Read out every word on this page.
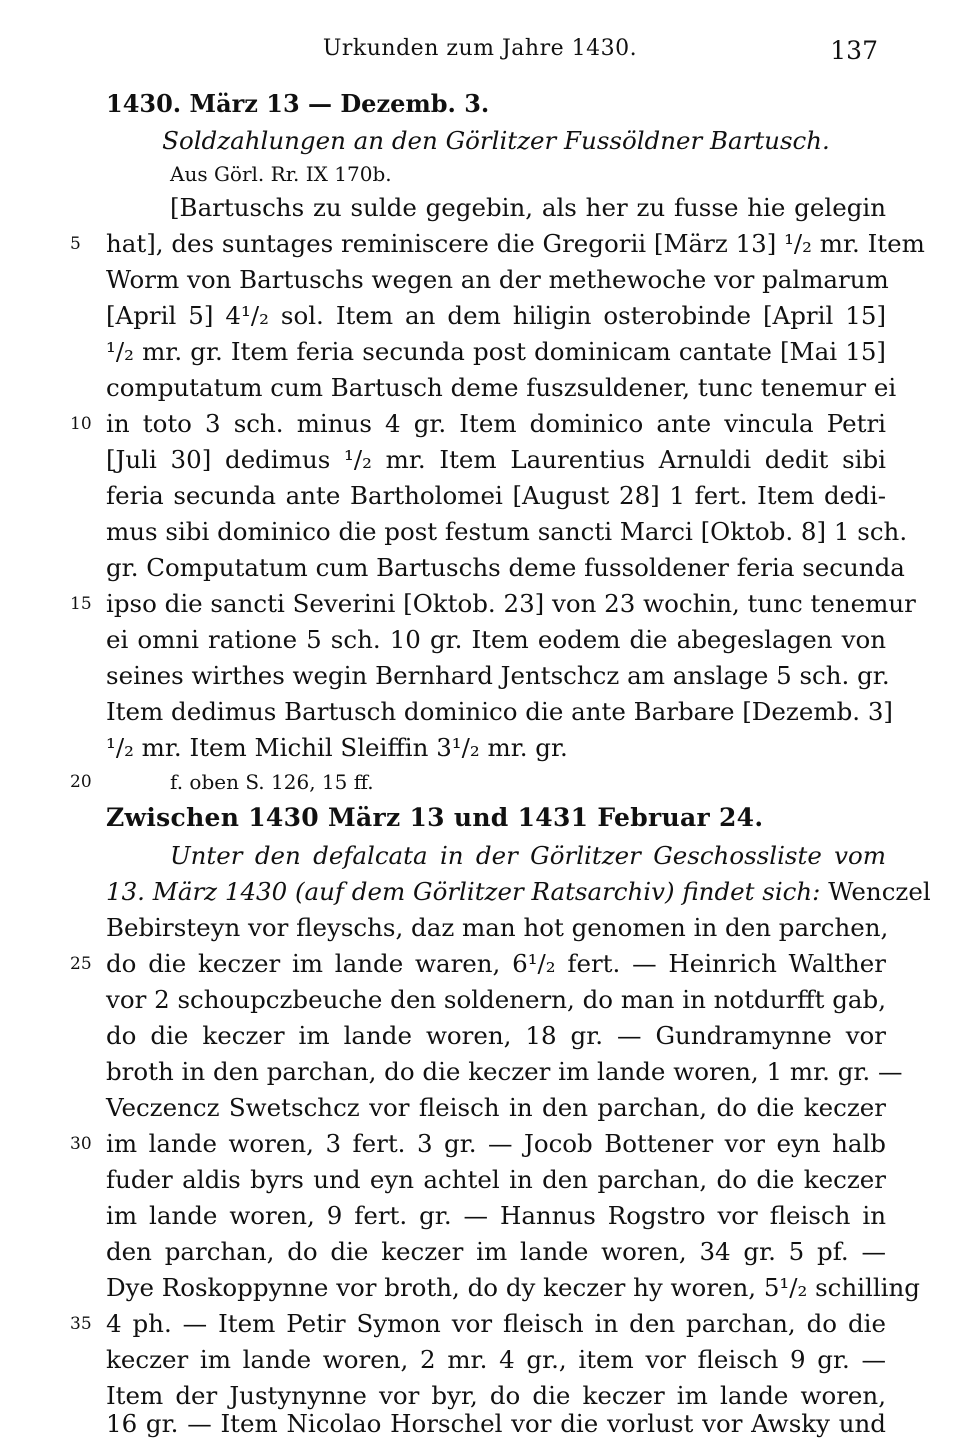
Urkunden zum Jahre 1430.	137
1430. März 13 — Dezemb. 3.
Soldzahlungen an den Görlitzer Fussöldner Bartusch.
Aus Görl. Rr. IX 170b.
[Bartuschs zu sulde gegebin, als her zu fusse hie gelegin
hat], des suntages reminiscere die Gregorii [März 13] ¹/₂ mr. Item
Worm von Bartuschs wegen an der methewoche vor palmarum
[April 5] 4¹/₂ sol. Item an dem hiligin osterobinde [April 15]
¹/₂ mr. gr. Item feria secunda post dominicam cantate [Mai 15]
computatum cum Bartusch deme fuszsuldener, tunc tenemur ei
in toto 3 sch. minus 4 gr. Item dominico ante vincula Petri
[Juli 30] dedimus ¹/₂ mr. Item Laurentius Arnuldi dedit sibi
feria secunda ante Bartholomei [August 28] 1 fert. Item dedi-
mus sibi dominico die post festum sancti Marci [Oktob. 8] 1 sch.
gr. Computatum cum Bartuschs deme fussoldener feria secunda
ipso die sancti Severini [Oktob. 23] von 23 wochin, tunc tenemur
ei omni ratione 5 sch. 10 gr. Item eodem die abegeslagen von
seines wirthes wegin Bernhard Jentschcz am anslage 5 sch. gr.
Item dedimus Bartusch dominico die ante Barbare [Dezemb. 3]
¹/₂ mr. Item Michil Sleiffin 3¹/₂ mr. gr.
f. oben S. 126, 15 ff.
Zwischen 1430 März 13 und 1431 Februar 24.
Unter den defalcata in der Görlitzer Geschossliste vom
13. März 1430 (auf dem Görlitzer Ratsarchiv) findet sich: Wenczel
Bebirsteyn vor fleyschs, daz man hot genomen in den parchen,
do die keczer im lande waren, 6¹/₂ fert. — Heinrich Walther
vor 2 schoupczbeuche den soldenern, do man in notdurfft gab,
do die keczer im lande woren, 18 gr. — Gundramynne vor
broth in den parchan, do die keczer im lande woren, 1 mr. gr. —
Veczencz Swetschcz vor fleisch in den parchan, do die keczer
im lande woren, 3 fert. 3 gr. — Jocob Bottener vor eyn halb
fuder aldis byrs und eyn achtel in den parchan, do die keczer
im lande woren, 9 fert. gr. — Hannus Rogstro vor fleisch in
den parchan, do die keczer im lande woren, 34 gr. 5 pf. —
Dye Roskoppynne vor broth, do dy keczer hy woren, 5¹/₂ schilling
4 ph. — Item Petir Symon vor fleisch in den parchan, do die
keczer im lande woren, 2 mr. 4 gr., item vor fleisch 9 gr. —
Item der Justynynne vor byr, do die keczer im lande woren,
16 gr. — Item Nicolao Horschel vor die vorlust vor Awsky und
5
10
15
20
25
30
35
